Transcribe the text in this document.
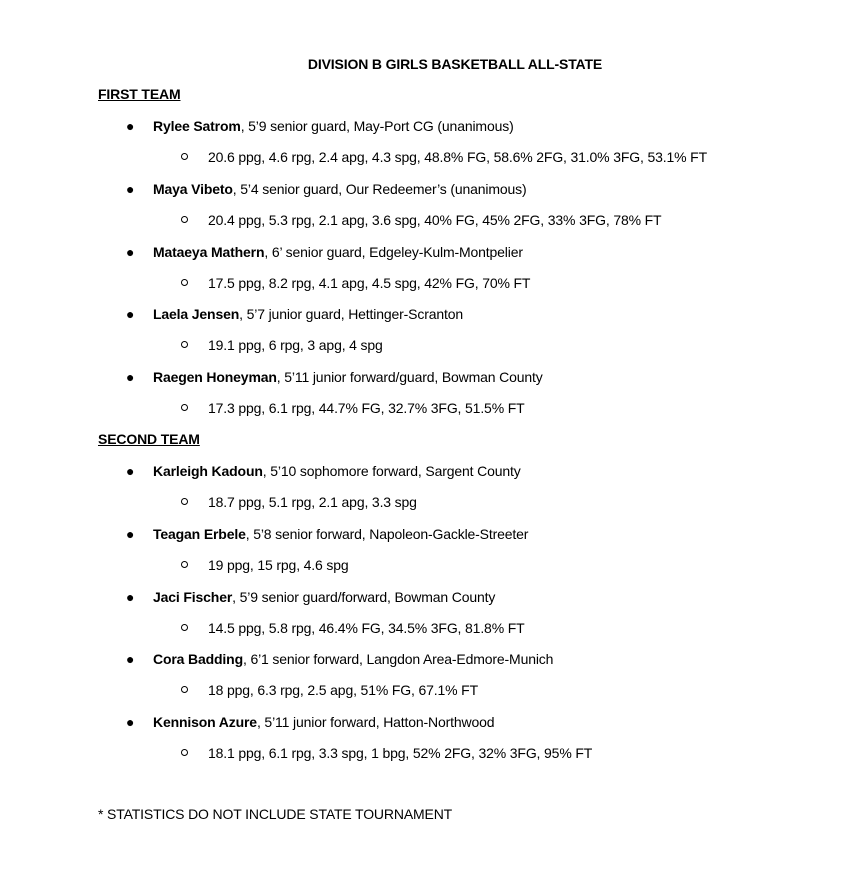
DIVISION B GIRLS BASKETBALL ALL-STATE
FIRST TEAM
● Rylee Satrom, 5’9 senior guard, May-Port CG (unanimous)
20.6 ppg, 4.6 rpg, 2.4 apg, 4.3 spg, 48.8% FG, 58.6% 2FG, 31.0% 3FG, 53.1% FT
● Maya Vibeto, 5’4 senior guard, Our Redeemer’s (unanimous)
20.4 ppg, 5.3 rpg, 2.1 apg, 3.6 spg, 40% FG, 45% 2FG, 33% 3FG, 78% FT
● Mataeya Mathern, 6’ senior guard, Edgeley-Kulm-Montpelier
17.5 ppg, 8.2 rpg, 4.1 apg, 4.5 spg, 42% FG, 70% FT
● Laela Jensen, 5’7 junior guard, Hettinger-Scranton
19.1 ppg, 6 rpg, 3 apg, 4 spg
● Raegen Honeyman, 5’11 junior forward/guard, Bowman County
17.3 ppg, 6.1 rpg, 44.7% FG, 32.7% 3FG, 51.5% FT
SECOND TEAM
● Karleigh Kadoun, 5’10 sophomore forward, Sargent County
18.7 ppg, 5.1 rpg, 2.1 apg, 3.3 spg
● Teagan Erbele, 5’8 senior forward, Napoleon-Gackle-Streeter
19 ppg, 15 rpg, 4.6 spg
● Jaci Fischer, 5’9 senior guard/forward, Bowman County
14.5 ppg, 5.8 rpg, 46.4% FG, 34.5% 3FG, 81.8% FT
● Cora Badding, 6’1 senior forward, Langdon Area-Edmore-Munich
18 ppg, 6.3 rpg, 2.5 apg, 51% FG, 67.1% FT
● Kennison Azure, 5’11 junior forward, Hatton-Northwood
18.1 ppg, 6.1 rpg, 3.3 spg, 1 bpg, 52% 2FG, 32% 3FG, 95% FT
* STATISTICS DO NOT INCLUDE STATE TOURNAMENT
